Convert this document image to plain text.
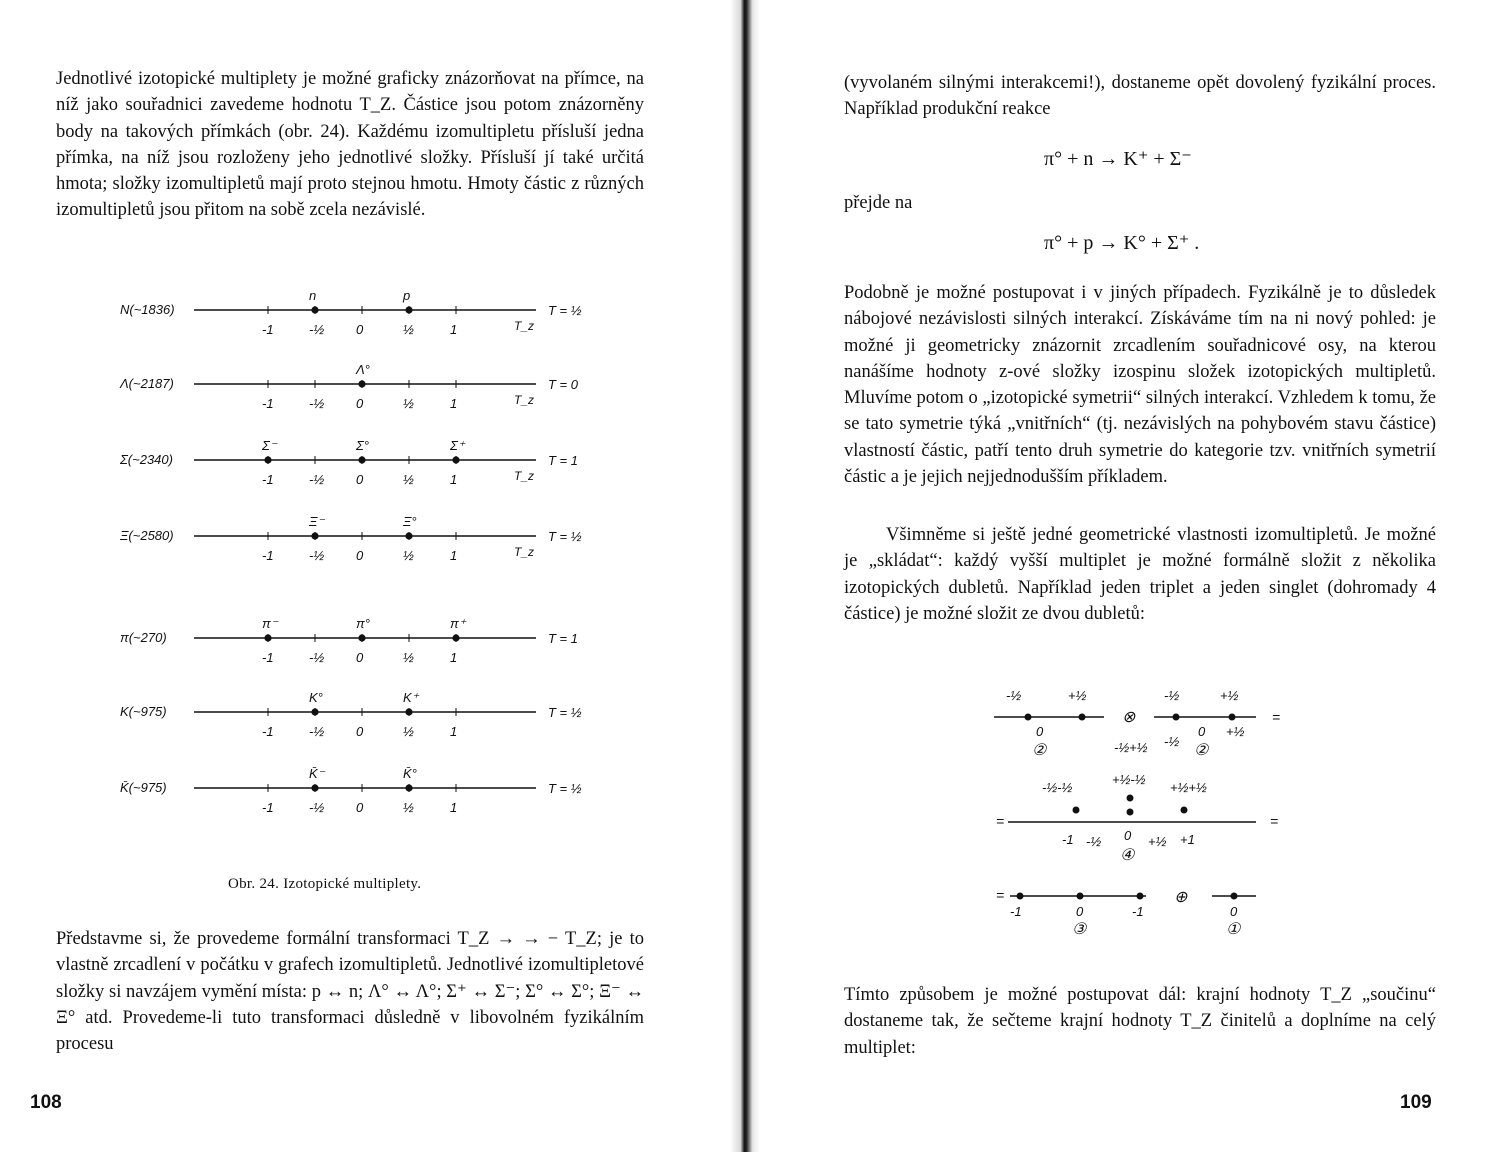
Jednotlivé izotopické multiplety je možné graficky znázorňovat na přímce, na níž jako souřadnici zavedeme hodnotu T_Z. Částice jsou potom znázorněny body na takových přímkách (obr. 24). Každému izomultipletu přísluší jedna přímka, na níž jsou rozloženy jeho jednotlivé složky. Přísluší jí také určitá hmota; složky izomultipletů mají proto stejnou hmotu. Hmoty částic z různých izomultipletů jsou přitom na sobě zcela nezávislé.

N(~1836)
-1	-½ 0	½	1	T_z
n	p
T = ½
Λ(~2187)
-1	-½ 0	½	1	T_z
Λ°
T = 0
Σ(~2340)
-1	-½ 0	½	1	T_z
Σ⁻	Σ°	Σ⁺
T = 1
Ξ(~2580)
-1	-½ 0	½	1	T_z
Ξ⁻	Ξ°
T = ½
π(~270)
-1	-½ 0	½	1
π⁻	π°	π⁺
T = 1
K(~975)
-1	-½ 0	½	1
K°	K⁺
T = ½
K̄(~975)
-1	-½ 0	½	1
K̄⁻	K̄°
T = ½

Obr. 24. Izotopické multiplety.

Představme si, že provedeme formální transformaci T_Z → → − T_Z; je to vlastně zrcadlení v počátku v grafech izomultipletů. Jednotlivé izomultipletové složky si navzájem vymění místa: p ↔ n; Λ° ↔ Λ°; Σ⁺ ↔ Σ⁻; Σ° ↔ Σ°; Ξ⁻ ↔ Ξ° atd. Provedeme-li tuto transformaci důsledně v libovolném fyzikálním procesu

108

(vyvolaném silnými interakcemi!), dostaneme opět dovolený fyzikální proces. Například produkční reakce

π° + n → K⁺ + Σ⁻

přejde na

π° + p → K° + Σ⁺ .

Podobně je možné postupovat i v jiných případech. Fyzikálně je to důsledek nábojové nezávislosti silných interakcí. Získáváme tím na ni nový pohled: je možné ji geometricky znázornit zrcadlením souřadnicové osy, na kterou nanášíme hodnoty z-ové složky izospinu složek izotopických multipletů. Mluvíme potom o „izotopické symetrii“ silných interakcí. Vzhledem k tomu, že se tato symetrie týká „vnitřních“ (tj. nezávislých na pohybovém stavu částice) vlastností částic, patří tento druh symetrie do kategorie tzv. vnitřních symetrií částic a je jejich nejjednodušším příkladem.

Všimněme si ještě jedné geometrické vlastnosti izomultipletů. Je možné je „skládat“: každý vyšší multiplet je možné formálně složit z několika izotopických dubletů. Například jeden triplet a jeden singlet (dohromady 4 částice) je možné složit ze dvou dubletů:

-½	+½
0
②
⊗
-½+½
-½	+½
0 +½
-½
②
=
-½-½
+½-½
+½+½
=	=
-1 -½ 0 +½ +1
④
=
-1	0	-1
③
⊕
0
①

Tímto způsobem je možné postupovat dál: krajní hodnoty T_Z „součinu“ dostaneme tak, že sečteme krajní hodnoty T_Z činitelů a doplníme na celý multiplet:

109
